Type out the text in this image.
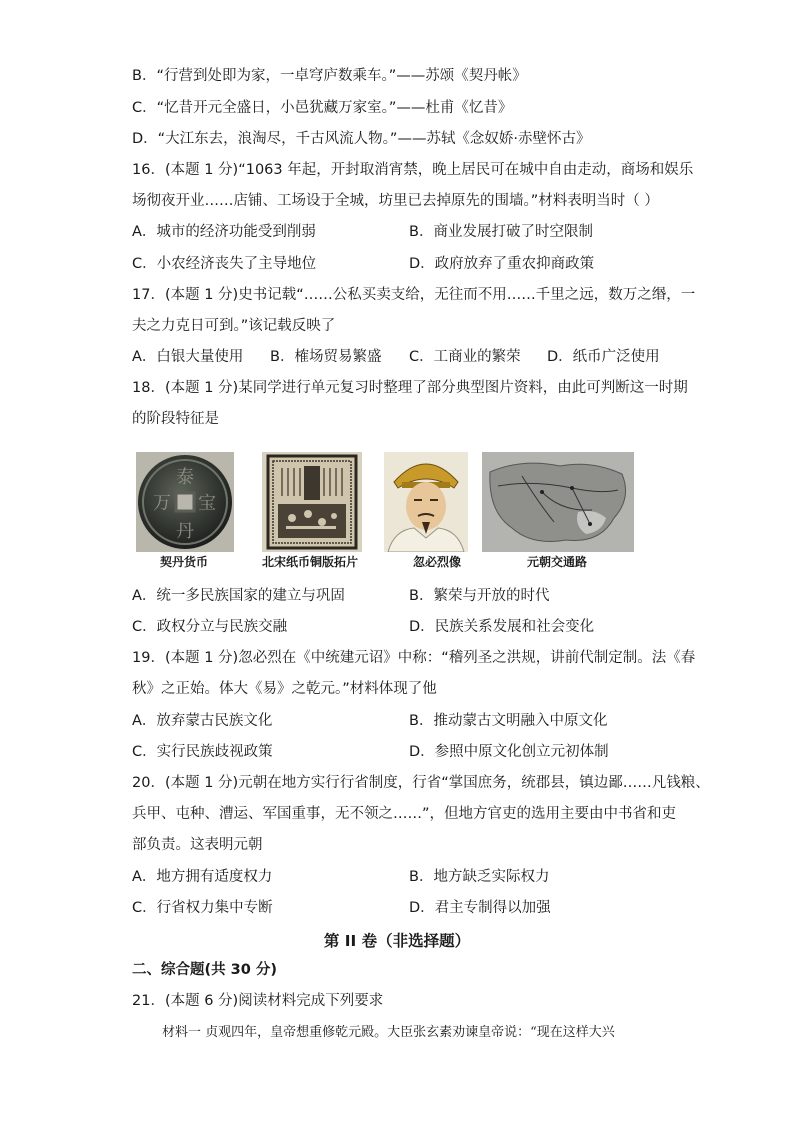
B．“行营到处即为家，一卓穹庐数乘车。”——苏颂《契丹帐》
C．“忆昔开元全盛日，小邑犹藏万家室。”——杜甫《忆昔》
D．“大江东去，浪淘尽，千古风流人物。”——苏轼《念奴娇·赤壁怀古》
16．(本题 1 分)“1063 年起，开封取消宵禁，晚上居民可在城中自由走动，商场和娱乐
场彻夜开业……店铺、工场设于全城，坊里已去掉原先的围墙。”材料表明当时（ ）
A．城市的经济功能受到削弱	B．商业发展打破了时空限制
C．小农经济丧失了主导地位	D．政府放弃了重农抑商政策
17．(本题 1 分)史书记载“……公私买卖支给，无往而不用……千里之远，数万之缗，一
夫之力克日可到。”该记载反映了
A．白银大量使用 B．榷场贸易繁盛 C．工商业的繁荣 D．纸币广泛使用
18．(本题 1 分)某同学进行单元复习时整理了部分典型图片资料，由此可判断这一时期
的阶段特征是
泰
宝
丹
万
契丹货币	北宋纸币铜版拓片	忽必烈像	元朝交通路
A．统一多民族国家的建立与巩固	B．繁荣与开放的时代
C．政权分立与民族交融	D．民族关系发展和社会变化
19．(本题 1 分)忽必烈在《中统建元诏》中称：“稽列圣之洪规，讲前代制定制。法《春
秋》之正始。体大《易》之乾元。”材料体现了他
A．放弃蒙古民族文化	B．推动蒙古文明融入中原文化
C．实行民族歧视政策	D．参照中原文化创立元初体制
20．(本题 1 分)元朝在地方实行行省制度，行省“掌国庶务，统郡县，镇边鄙……凡钱粮、
兵甲、屯种、漕运、军国重事，无不领之……”，但地方官吏的选用主要由中书省和吏
部负责。这表明元朝
A．地方拥有适度权力	B．地方缺乏实际权力
C．行省权力集中专断	D．君主专制得以加强
第 II 卷（非选择题）
二、综合题(共 30 分)
21．(本题 6 分)阅读材料完成下列要求
材料一 贞观四年，皇帝想重修乾元殿。大臣张玄素劝谏皇帝说：“现在这样大兴
